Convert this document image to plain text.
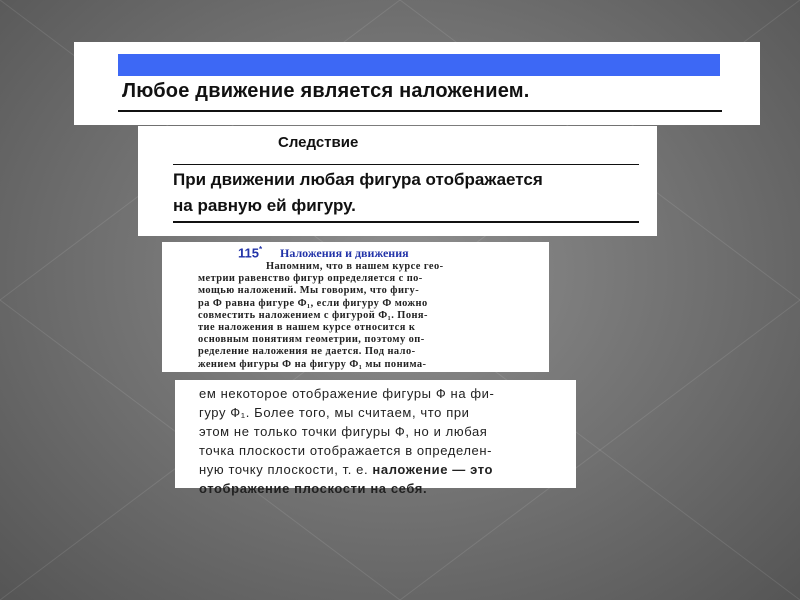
Любое движение является наложением.
Следствие
При движении любая фигура отображается
на равную ей фигуру.
115* Наложения и движения
Напомним, что в нашем курсе гео-
метрии равенство фигур определяется с по-
мощью наложений. Мы говорим, что фигу-
ра Ф равна фигуре Ф₁, если фигуру Ф можно
совместить наложением с фигурой Ф₁. Поня-
тие наложения в нашем курсе относится к
основным понятиям геометрии, поэтому оп-
ределение наложения не дается. Под нало-
жением фигуры Ф на фигуру Ф₁ мы понима-
ем некоторое отображение фигуры Ф на фи-
гуру Ф₁. Более того, мы считаем, что при
этом не только точки фигуры Ф, но и любая
точка плоскости отображается в определен-
ную точку плоскости, т. е. наложение — это
отображение плоскости на себя.
